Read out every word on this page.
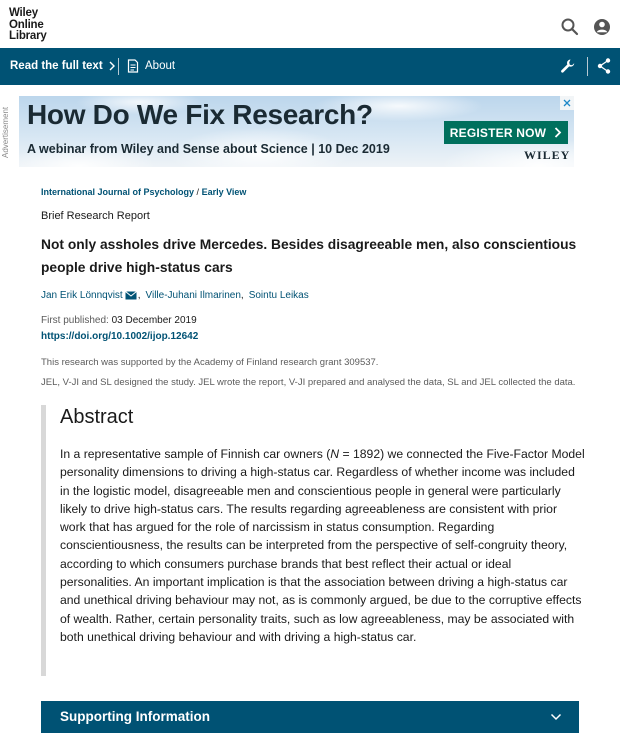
Wiley
Online
Library
Read the full text	About
Advertisement How Do We Fix Research?
A webinar from Wiley and Sense about Science | 10 Dec 2019
REGISTER NOW
WILEY
International Journal of Psychology / Early View
Brief Research Report
Not only assholes drive Mercedes. Besides disagreeable men, also conscientious people drive high-status cars
Jan Erik Lönnqvist , Ville-Juhani Ilmarinen , Sointu Leikas
First published: 03 December 2019
https://doi.org/10.1002/ijop.12642
This research was supported by the Academy of Finland research grant 309537.
JEL, V-JI and SL designed the study. JEL wrote the report, V-JI prepared and analysed the data, SL and JEL collected the data.
Abstract
In a representative sample of Finnish car owners (N = 1892) we connected the Five-Factor Model personality dimensions to driving a high-status car. Regardless of whether income was included in the logistic model, disagreeable men and conscientious people in general were particularly likely to drive high-status cars. The results regarding agreeableness are consistent with prior work that has argued for the role of narcissism in status consumption. Regarding conscientiousness, the results can be interpreted from the perspective of self-congruity theory, according to which consumers purchase brands that best reflect their actual or ideal personalities. An important implication is that the association between driving a high-status car and unethical driving behaviour may not, as is commonly argued, be due to the corruptive effects of wealth. Rather, certain personality traits, such as low agreeableness, may be associated with both unethical driving behaviour and with driving a high-status car.
Supporting Information
